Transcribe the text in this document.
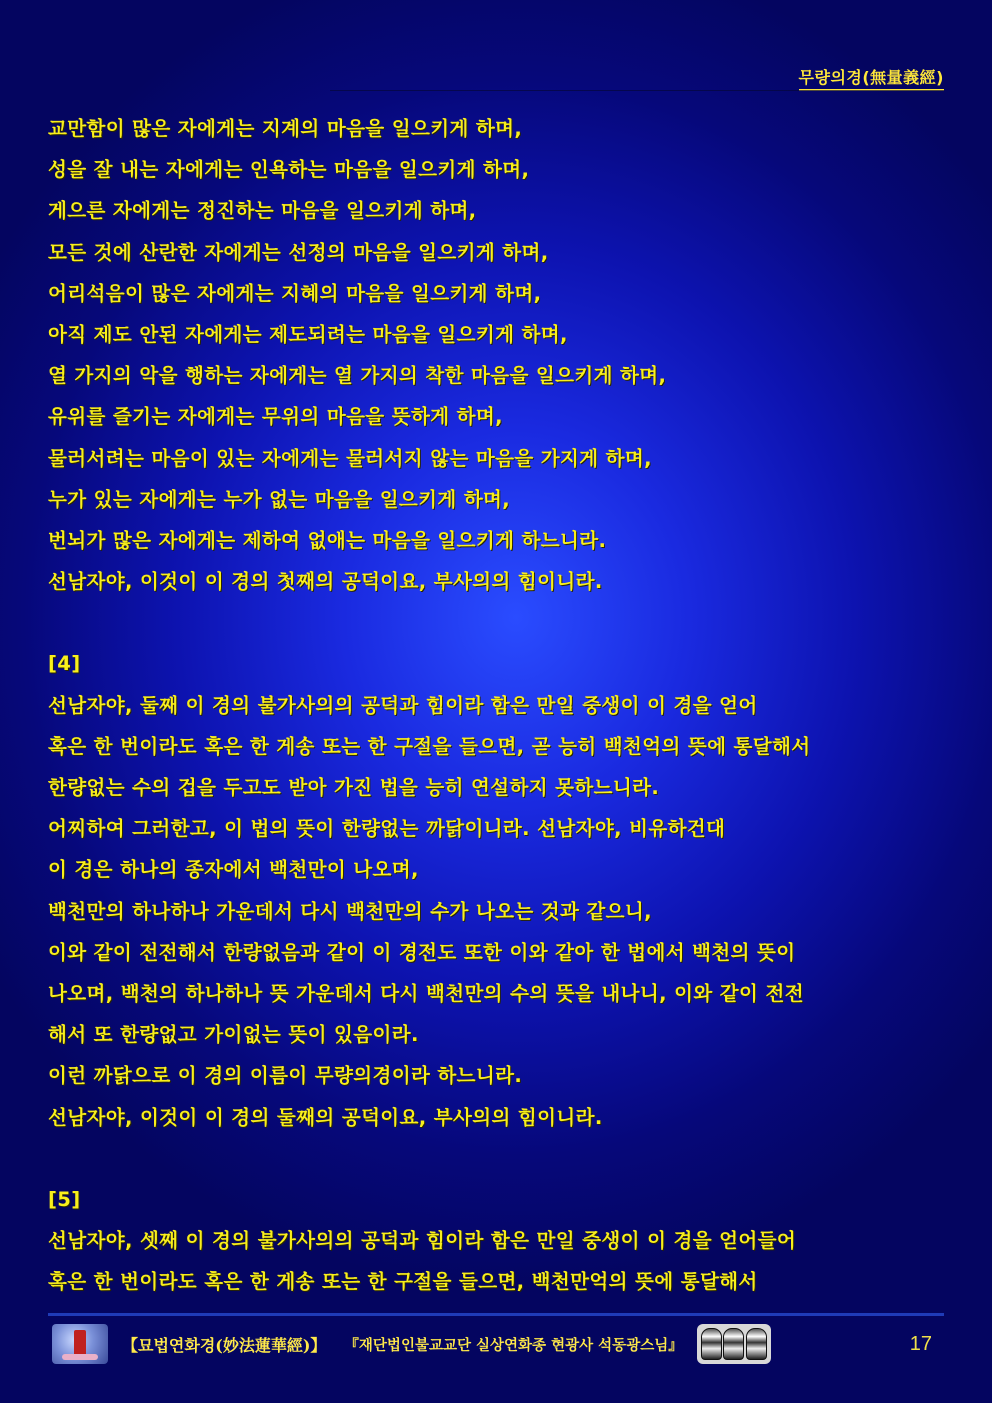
무량의경(無量義經)
교만함이 많은 자에게는 지계의 마음을 일으키게 하며,
성을 잘 내는 자에게는 인욕하는 마음을 일으키게 하며,
게으른 자에게는 정진하는 마음을 일으키게 하며,
모든 것에 산란한 자에게는 선정의 마음을 일으키게 하며,
어리석음이 많은 자에게는 지혜의 마음을 일으키게 하며,
아직 제도 안된 자에게는 제도되려는 마음을 일으키게 하며,
열 가지의 악을 행하는 자에게는 열 가지의 착한 마음을 일으키게 하며,
유위를 즐기는 자에게는 무위의 마음을 뜻하게 하며,
물러서려는 마음이 있는 자에게는 물러서지 않는 마음을 가지게 하며,
누가 있는 자에게는 누가 없는 마음을 일으키게 하며,
번뇌가 많은 자에게는 제하여 없애는 마음을 일으키게 하느니라.
선남자야, 이것이 이 경의 첫째의 공덕이요, 부사의의 힘이니라.
[4]
선남자야, 둘째 이 경의 불가사의의 공덕과 힘이라 함은 만일 중생이 이 경을 얻어
혹은 한 번이라도 혹은 한 게송 또는 한 구절을 들으면, 곧 능히 백천억의 뜻에 통달해서
한량없는 수의 겁을 두고도 받아 가진 법을 능히 연설하지 못하느니라.
어찌하여 그러한고, 이 법의 뜻이 한량없는 까닭이니라. 선남자야, 비유하건대
이 경은 하나의 종자에서 백천만이 나오며,
백천만의 하나하나 가운데서 다시 백천만의 수가 나오는 것과 같으니,
이와 같이 전전해서 한량없음과 같이 이 경전도 또한 이와 같아 한 법에서 백천의 뜻이
나오며, 백천의 하나하나 뜻 가운데서 다시 백천만의 수의 뜻을 내나니, 이와 같이 전전
해서 또 한량없고 가이없는 뜻이 있음이라.
이런 까닭으로 이 경의 이름이 무량의경이라 하느니라.
선남자야, 이것이 이 경의 둘째의 공덕이요, 부사의의 힘이니라.
[5]
선남자야, 셋째 이 경의 불가사의의 공덕과 힘이라 함은 만일 중생이 이 경을 얻어들어
혹은 한 번이라도 혹은 한 게송 또는 한 구절을 들으면, 백천만억의 뜻에 통달해서
【묘법연화경(妙法蓮華經)】 『재단법인불교교단 실상연화종 현광사 석동광스님』	17
